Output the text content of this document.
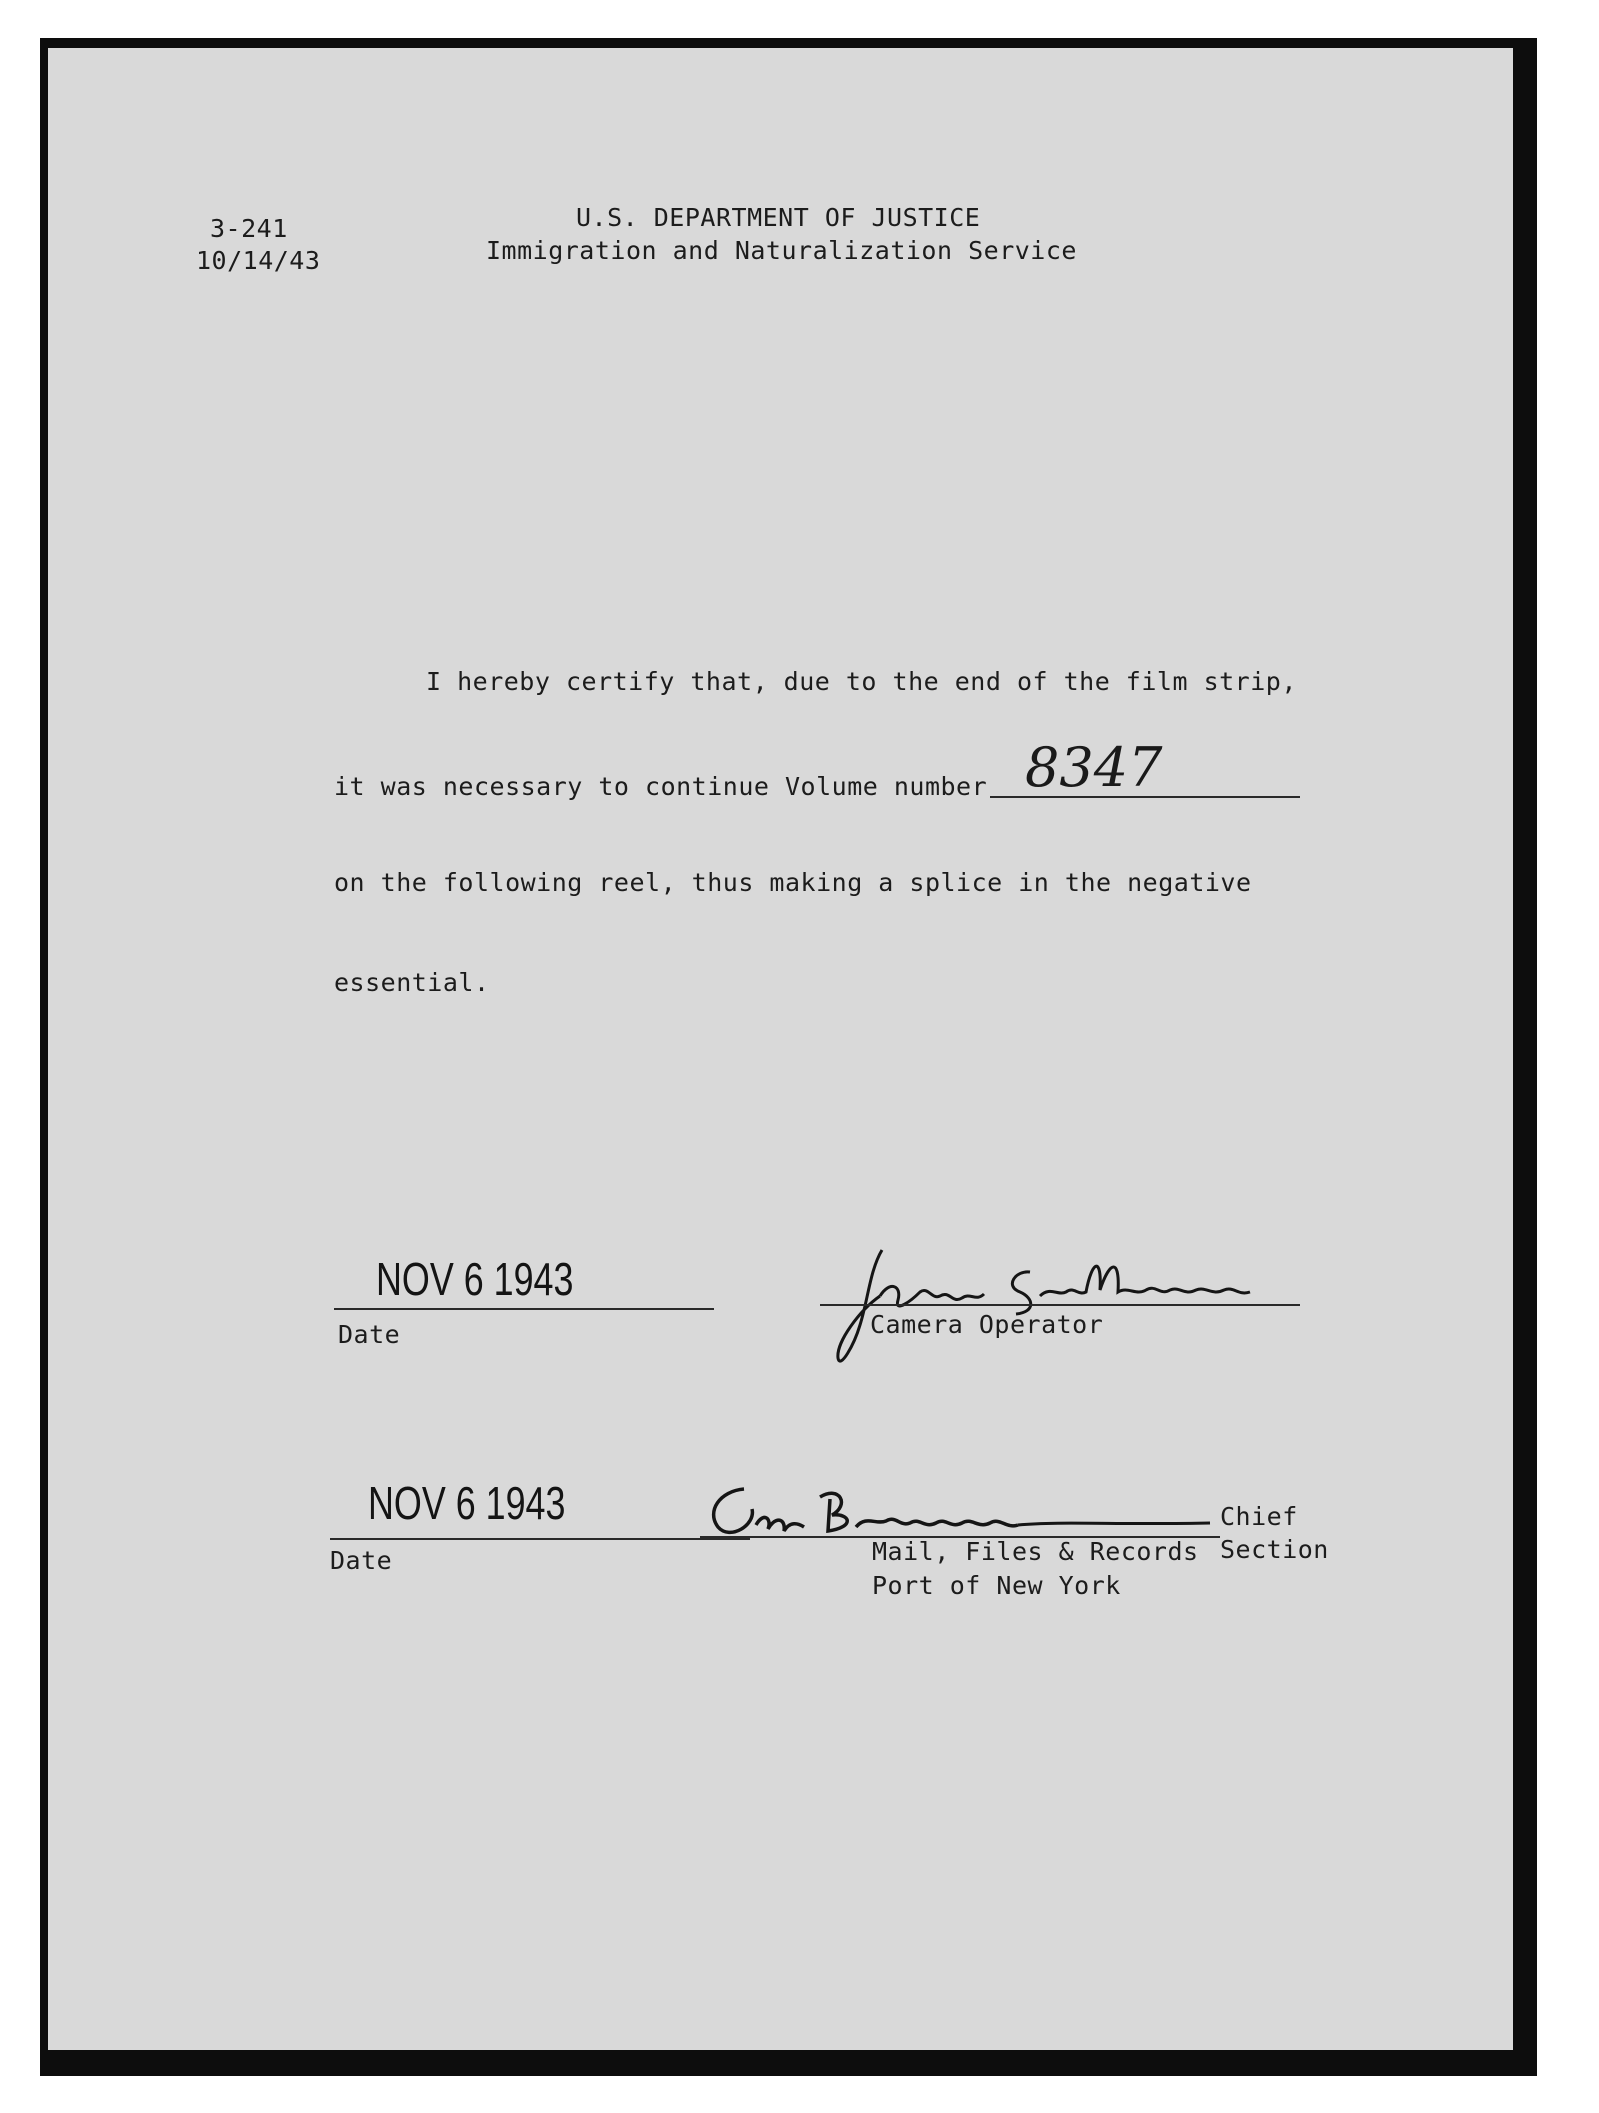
3-241
10/14/43
U.S. DEPARTMENT OF JUSTICE
Immigration and Naturalization Service
I hereby certify that, due to the end of the film strip,
it was necessary to continue Volume number 8347
on the following reel, thus making a splice in the negative
essential.
NOV 6 1943
Date	Camera Operator
NOV 6 1943
Date
Chief
Mail, Files & Records Section
Port of New York
